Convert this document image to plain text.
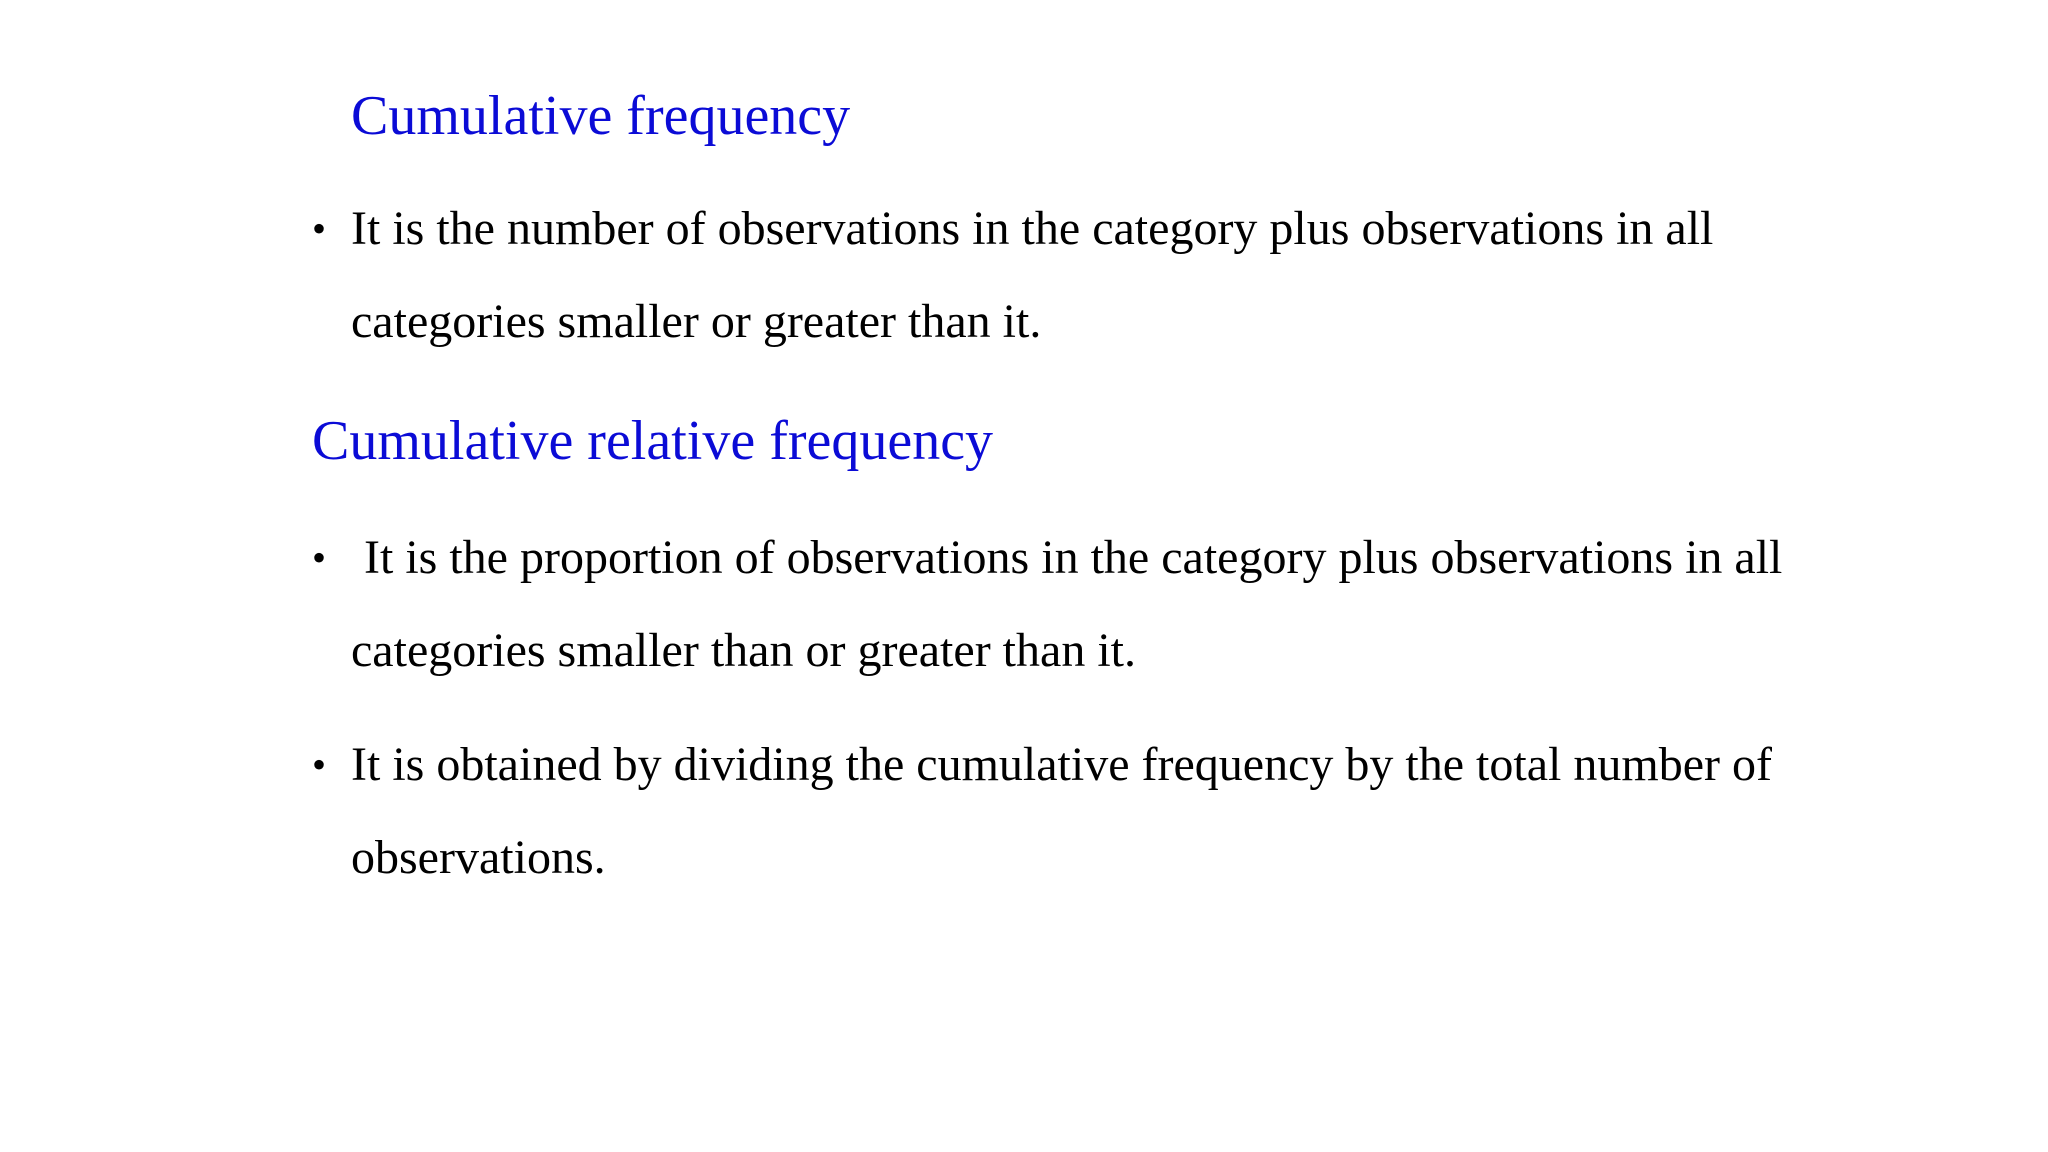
Cumulative frequency
• It is the number of observations in the category plus observations in all categories smaller or greater than it.
Cumulative relative frequency
• It is the proportion of observations in the category plus observations in all categories smaller than or greater than it.
• It is obtained by dividing the cumulative frequency by the total number of observations.
